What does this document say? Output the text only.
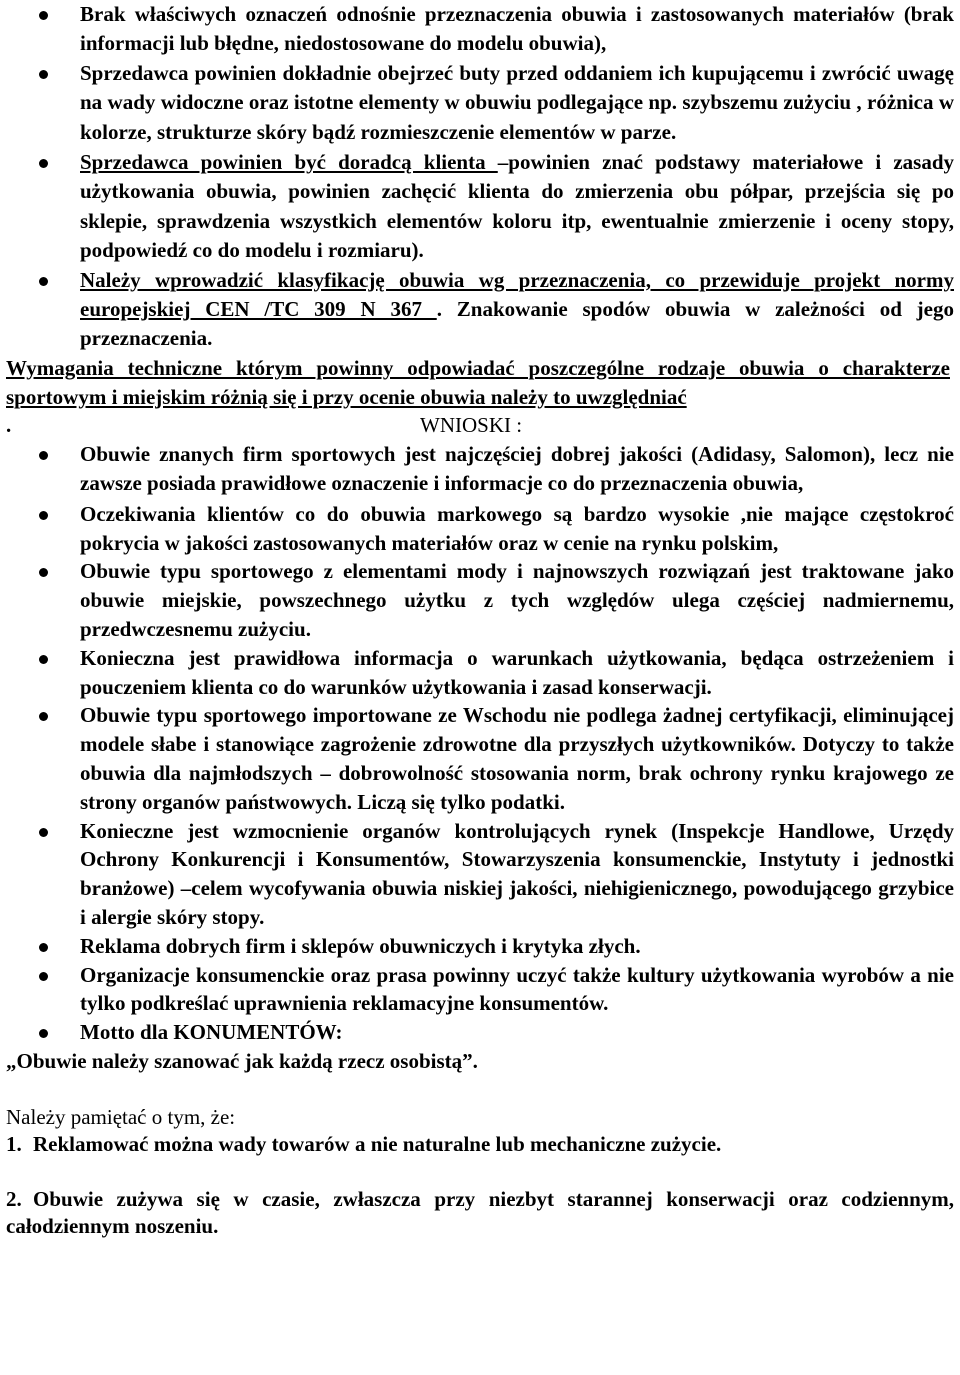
Brak właściwych oznaczeń odnośnie przeznaczenia obuwia i zastosowanych materiałów (brak informacji lub błędne, niedostosowane do modelu obuwia),
Sprzedawca powinien dokładnie obejrzeć buty przed oddaniem ich kupującemu i zwrócić uwagę na wady widoczne oraz istotne elementy w obuwiu podlegające np. szybszemu zużyciu , różnica w kolorze, strukturze skóry bądź rozmieszczenie elementów w parze.
Sprzedawca powinien być doradcą klienta –powinien znać podstawy materiałowe i zasady użytkowania obuwia, powinien zachęcić klienta do zmierzenia obu półpar, przejścia się po sklepie, sprawdzenia wszystkich elementów koloru itp, ewentualnie zmierzenie i oceny stopy, podpowiedź co do modelu i rozmiaru).
Należy wprowadzić klasyfikację obuwia wg przeznaczenia, co przewiduje projekt normy europejskiej CEN /TC 309 N 367 . Znakowanie spodów obuwia w zależności od jego przeznaczenia.

Wymagania techniczne którym powinny odpowiadać poszczególne rodzaje obuwia o charakterze sportowym i miejskim różnią się i przy ocenie obuwia należy to uwzględniać

.	WNIOSKI :

Obuwie znanych firm sportowych jest najczęściej dobrej jakości (Adidasy, Salomon), lecz nie zawsze posiada prawidłowe oznaczenie i informacje co do przeznaczenia obuwia,
Oczekiwania klientów co do obuwia markowego są bardzo wysokie ,nie mające częstokroć pokrycia w jakości zastosowanych materiałów oraz w cenie na rynku polskim,
Obuwie typu sportowego z elementami mody i najnowszych rozwiązań jest traktowane jako obuwie miejskie, powszechnego użytku z tych względów ulega częściej nadmiernemu, przedwczesnemu zużyciu.
Konieczna jest prawidłowa informacja o warunkach użytkowania, będąca ostrzeżeniem i pouczeniem klienta co do warunków użytkowania i zasad konserwacji.
Obuwie typu sportowego importowane ze Wschodu nie podlega żadnej certyfikacji, eliminującej modele słabe i stanowiące zagrożenie zdrowotne dla przyszłych użytkowników. Dotyczy to także obuwia dla najmłodszych – dobrowolność stosowania norm, brak ochrony rynku krajowego ze strony organów państwowych. Liczą się tylko podatki.
Konieczne jest wzmocnienie organów kontrolujących rynek (Inspekcje Handlowe, Urzędy Ochrony Konkurencji i Konsumentów, Stowarzyszenia konsumenckie, Instytuty i jednostki branżowe) –celem wycofywania obuwia niskiej jakości, niehigienicznego, powodującego grzybice i alergie skóry stopy.
Reklama dobrych firm i sklepów obuwniczych i krytyka złych.
Organizacje konsumenckie oraz prasa powinny uczyć także kultury użytkowania wyrobów a nie tylko podkreślać uprawnienia reklamacyjne konsumentów.
Motto dla KONUMENTÓW:

„Obuwie należy szanować jak każdą rzecz osobistą”.

Należy pamiętać o tym, że:

1. Reklamować można wady towarów a nie naturalne lub mechaniczne zużycie.

2. Obuwie zużywa się w czasie, zwłaszcza przy niezbyt starannej konserwacji oraz codziennym, całodziennym noszeniu.
